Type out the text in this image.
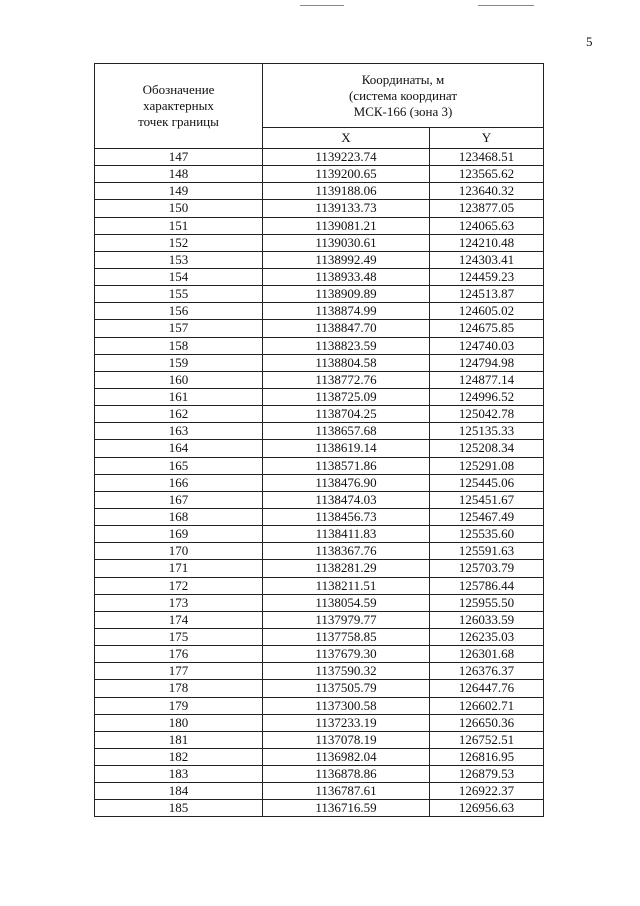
5
Обозначение
характерных
точек границы	Координаты, м
(система координат
МСК-166 (зона 3)	

	X	Y
147	1139223.74	123468.51
148	1139200.65	123565.62
149	1139188.06	123640.32
150	1139133.73	123877.05
151	1139081.21	124065.63
152	1139030.61	124210.48
153	1138992.49	124303.41
154	1138933.48	124459.23
155	1138909.89	124513.87
156	1138874.99	124605.02
157	1138847.70	124675.85
158	1138823.59	124740.03
159	1138804.58	124794.98
160	1138772.76	124877.14
161	1138725.09	124996.52
162	1138704.25	125042.78
163	1138657.68	125135.33
164	1138619.14	125208.34
165	1138571.86	125291.08
166	1138476.90	125445.06
167	1138474.03	125451.67
168	1138456.73	125467.49
169	1138411.83	125535.60
170	1138367.76	125591.63
171	1138281.29	125703.79
172	1138211.51	125786.44
173	1138054.59	125955.50
174	1137979.77	126033.59
175	1137758.85	126235.03
176	1137679.30	126301.68
177	1137590.32	126376.37
178	1137505.79	126447.76
179	1137300.58	126602.71
180	1137233.19	126650.36
181	1137078.19	126752.51
182	1136982.04	126816.95
183	1136878.86	126879.53
184	1136787.61	126922.37
185	1136716.59	126956.63
